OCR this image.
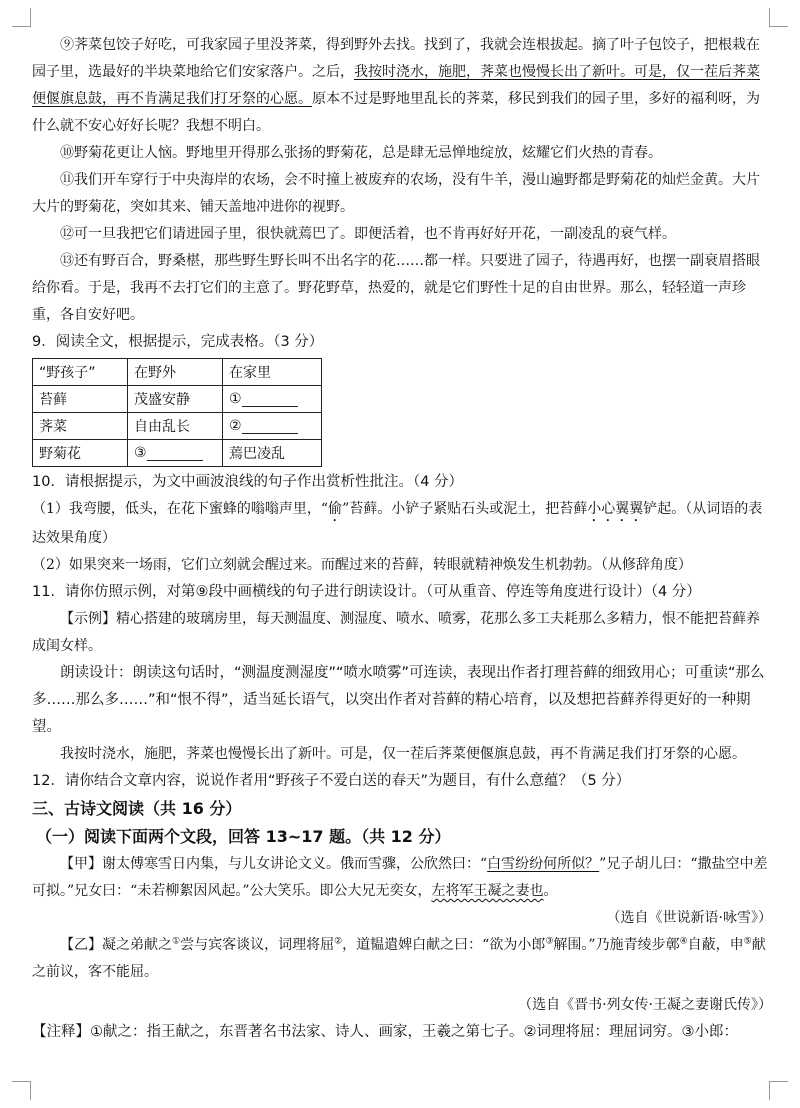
⑨荠菜包饺子好吃，可我家园子里没荠菜，得到野外去找。找到了，我就会连根拔起。摘了叶子包饺子，把根栽在园子里，选最好的半块菜地给它们安家落户。之后，我按时浇水，施肥，荠菜也慢慢长出了新叶。可是，仅一茬后荠菜便偃旗息鼓，再不肯满足我们打牙祭的心愿。原本不过是野地里乱长的荠菜，移民到我们的园子里，多好的福利呀，为什么就不安心好好长呢？我想不明白。

⑩野菊花更让人恼。野地里开得那么张扬的野菊花，总是肆无忌惮地绽放，炫耀它们火热的青春。

⑪我们开车穿行于中央海岸的农场，会不时撞上被废弃的农场，没有牛羊，漫山遍野都是野菊花的灿烂金黄。大片大片的野菊花，突如其来、铺天盖地冲进你的视野。

⑫可一旦我把它们请进园子里，很快就蔫巴了。即便活着，也不肯再好好开花，一副凌乱的衰气样。

⑬还有野百合，野桑椹，那些野生野长叫不出名字的花……都一样。只要进了园子，待遇再好，也摆一副衰眉搭眼给你看。于是，我再不去打它们的主意了。野花野草，热爱的，就是它们野性十足的自由世界。那么，轻轻道一声珍重，各自安好吧。

9．阅读全文，根据提示，完成表格。（3 分）

“野孩子”	在野外	在家里
苔藓	茂盛安静	①
荠菜	自由乱长	②
野菊花	③	蔫巴凌乱

10．请根据提示，为文中画波浪线的句子作出赏析性批注。（4 分）

（1）我弯腰，低头，在花下蜜蜂的嗡嗡声里，“偷”苔藓。小铲子紧贴石头或泥土，把苔藓小心翼翼铲起。（从词语的表达效果角度）

（2）如果突来一场雨，它们立刻就会醒过来。而醒过来的苔藓，转眼就精神焕发生机勃勃。（从修辞角度）

11．请你仿照示例，对第⑨段中画横线的句子进行朗读设计。（可从重音、停连等角度进行设计）（4 分）

【示例】精心搭建的玻璃房里，每天测温度、测湿度、喷水、喷雾，花那么多工夫耗那么多精力，恨不能把苔藓养成闺女样。

朗读设计：朗读这句话时，“测温度测湿度”“喷水喷雾”可连读，表现出作者打理苔藓的细致用心；可重读“那么多……那么多……”和“恨不得”，适当延长语气，以突出作者对苔藓的精心培育，以及想把苔藓养得更好的一种期望。

我按时浇水，施肥，荠菜也慢慢长出了新叶。可是，仅一茬后荠菜便偃旗息鼓，再不肯满足我们打牙祭的心愿。

12．请你结合文章内容，说说作者用“野孩子不爱白送的春天”为题目，有什么意蕴？（5 分）

三、古诗文阅读（共 16 分）

（一）阅读下面两个文段，回答 13~17 题。（共 12 分）

【甲】谢太傅寒雪日内集，与儿女讲论文义。俄而雪骤，公欣然曰：“白雪纷纷何所似？”兄子胡儿曰：“撒盐空中差可拟。”兄女曰：“未若柳絮因风起。”公大笑乐。即公大兄无奕女，左将军王凝之妻也。

（选自《世说新语·咏雪》）

【乙】凝之弟献之①尝与宾客谈议，词理将屈②，道韫遣婢白献之曰：“欲为小郎③解围。”乃施青绫步鄣④自蔽，申⑤献之前议，客不能屈。

（选自《晋书·列女传·王凝之妻谢氏传》）

【注释】①献之：指王献之，东晋著名书法家、诗人、画家，王羲之第七子。②词理将屈：理屈词穷。③小郎：
